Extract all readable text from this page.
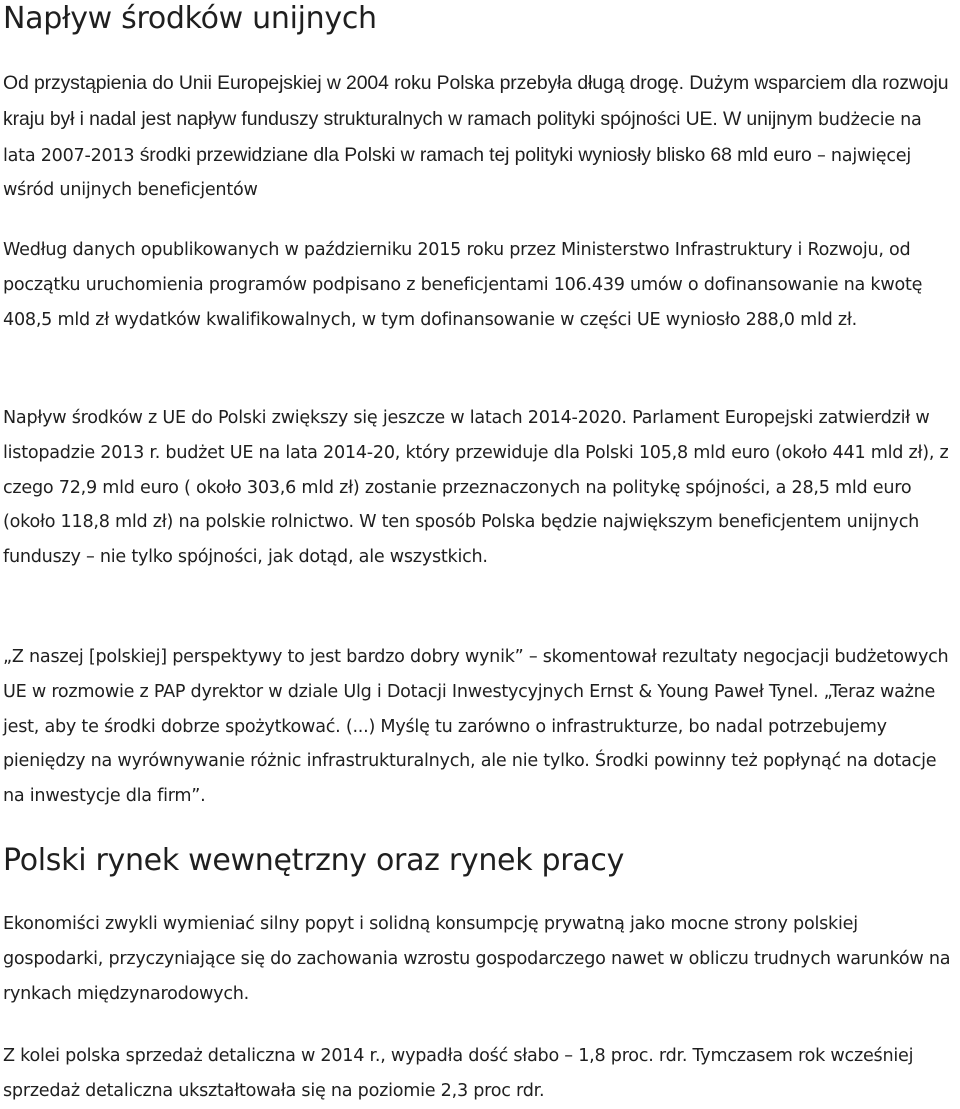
Napływ środków unijnych

Od przystąpienia do Unii Europejskiej w 2004 roku Polska przebyła długą drogę. Dużym wsparciem dla rozwoju kraju był i nadal jest napływ funduszy strukturalnych w ramach polityki spójności UE. W unijnym budżecie na lata 2007-2013 środki przewidziane dla Polski w ramach tej polityki wyniosły blisko 68 mld euro – najwięcej wśród unijnych beneficjentów

Według danych opublikowanych w październiku 2015 roku przez Ministerstwo Infrastruktury i Rozwoju, od początku uruchomienia programów podpisano z beneficjentami 106.439 umów o dofinansowanie na kwotę 408,5 mld zł wydatków kwalifikowalnych, w tym dofinansowanie w części UE wyniosło 288,0 mld zł.

Napływ środków z UE do Polski zwiększy się jeszcze w latach 2014-2020. Parlament Europejski zatwierdził w listopadzie 2013 r. budżet UE na lata 2014-20, który przewiduje dla Polski 105,8 mld euro (około 441 mld zł), z czego 72,9 mld euro ( około 303,6 mld zł) zostanie przeznaczonych na politykę spójności, a 28,5 mld euro (około 118,8 mld zł) na polskie rolnictwo. W ten sposób Polska będzie największym beneficjentem unijnych funduszy – nie tylko spójności, jak dotąd, ale wszystkich.

„Z naszej [polskiej] perspektywy to jest bardzo dobry wynik” – skomentował rezultaty negocjacji budżetowych UE w rozmowie z PAP dyrektor w dziale Ulg i Dotacji Inwestycyjnych Ernst & Young Paweł Tynel. „Teraz ważne jest, aby te środki dobrze spożytkować. (...) Myślę tu zarówno o infrastrukturze, bo nadal potrzebujemy pieniędzy na wyrównywanie różnic infrastrukturalnych, ale nie tylko. Środki powinny też popłynąć na dotacje na inwestycje dla firm”.

Polski rynek wewnętrzny oraz rynek pracy

Ekonomiści zwykli wymieniać silny popyt i solidną konsumpcję prywatną jako mocne strony polskiej gospodarki, przyczyniające się do zachowania wzrostu gospodarczego nawet w obliczu trudnych warunków na rynkach międzynarodowych.

Z kolei polska sprzedaż detaliczna w 2014 r., wypadła dość słabo – 1,8 proc. rdr. Tymczasem rok wcześniej sprzedaż detaliczna ukształtowała się na poziomie 2,3 proc rdr.
